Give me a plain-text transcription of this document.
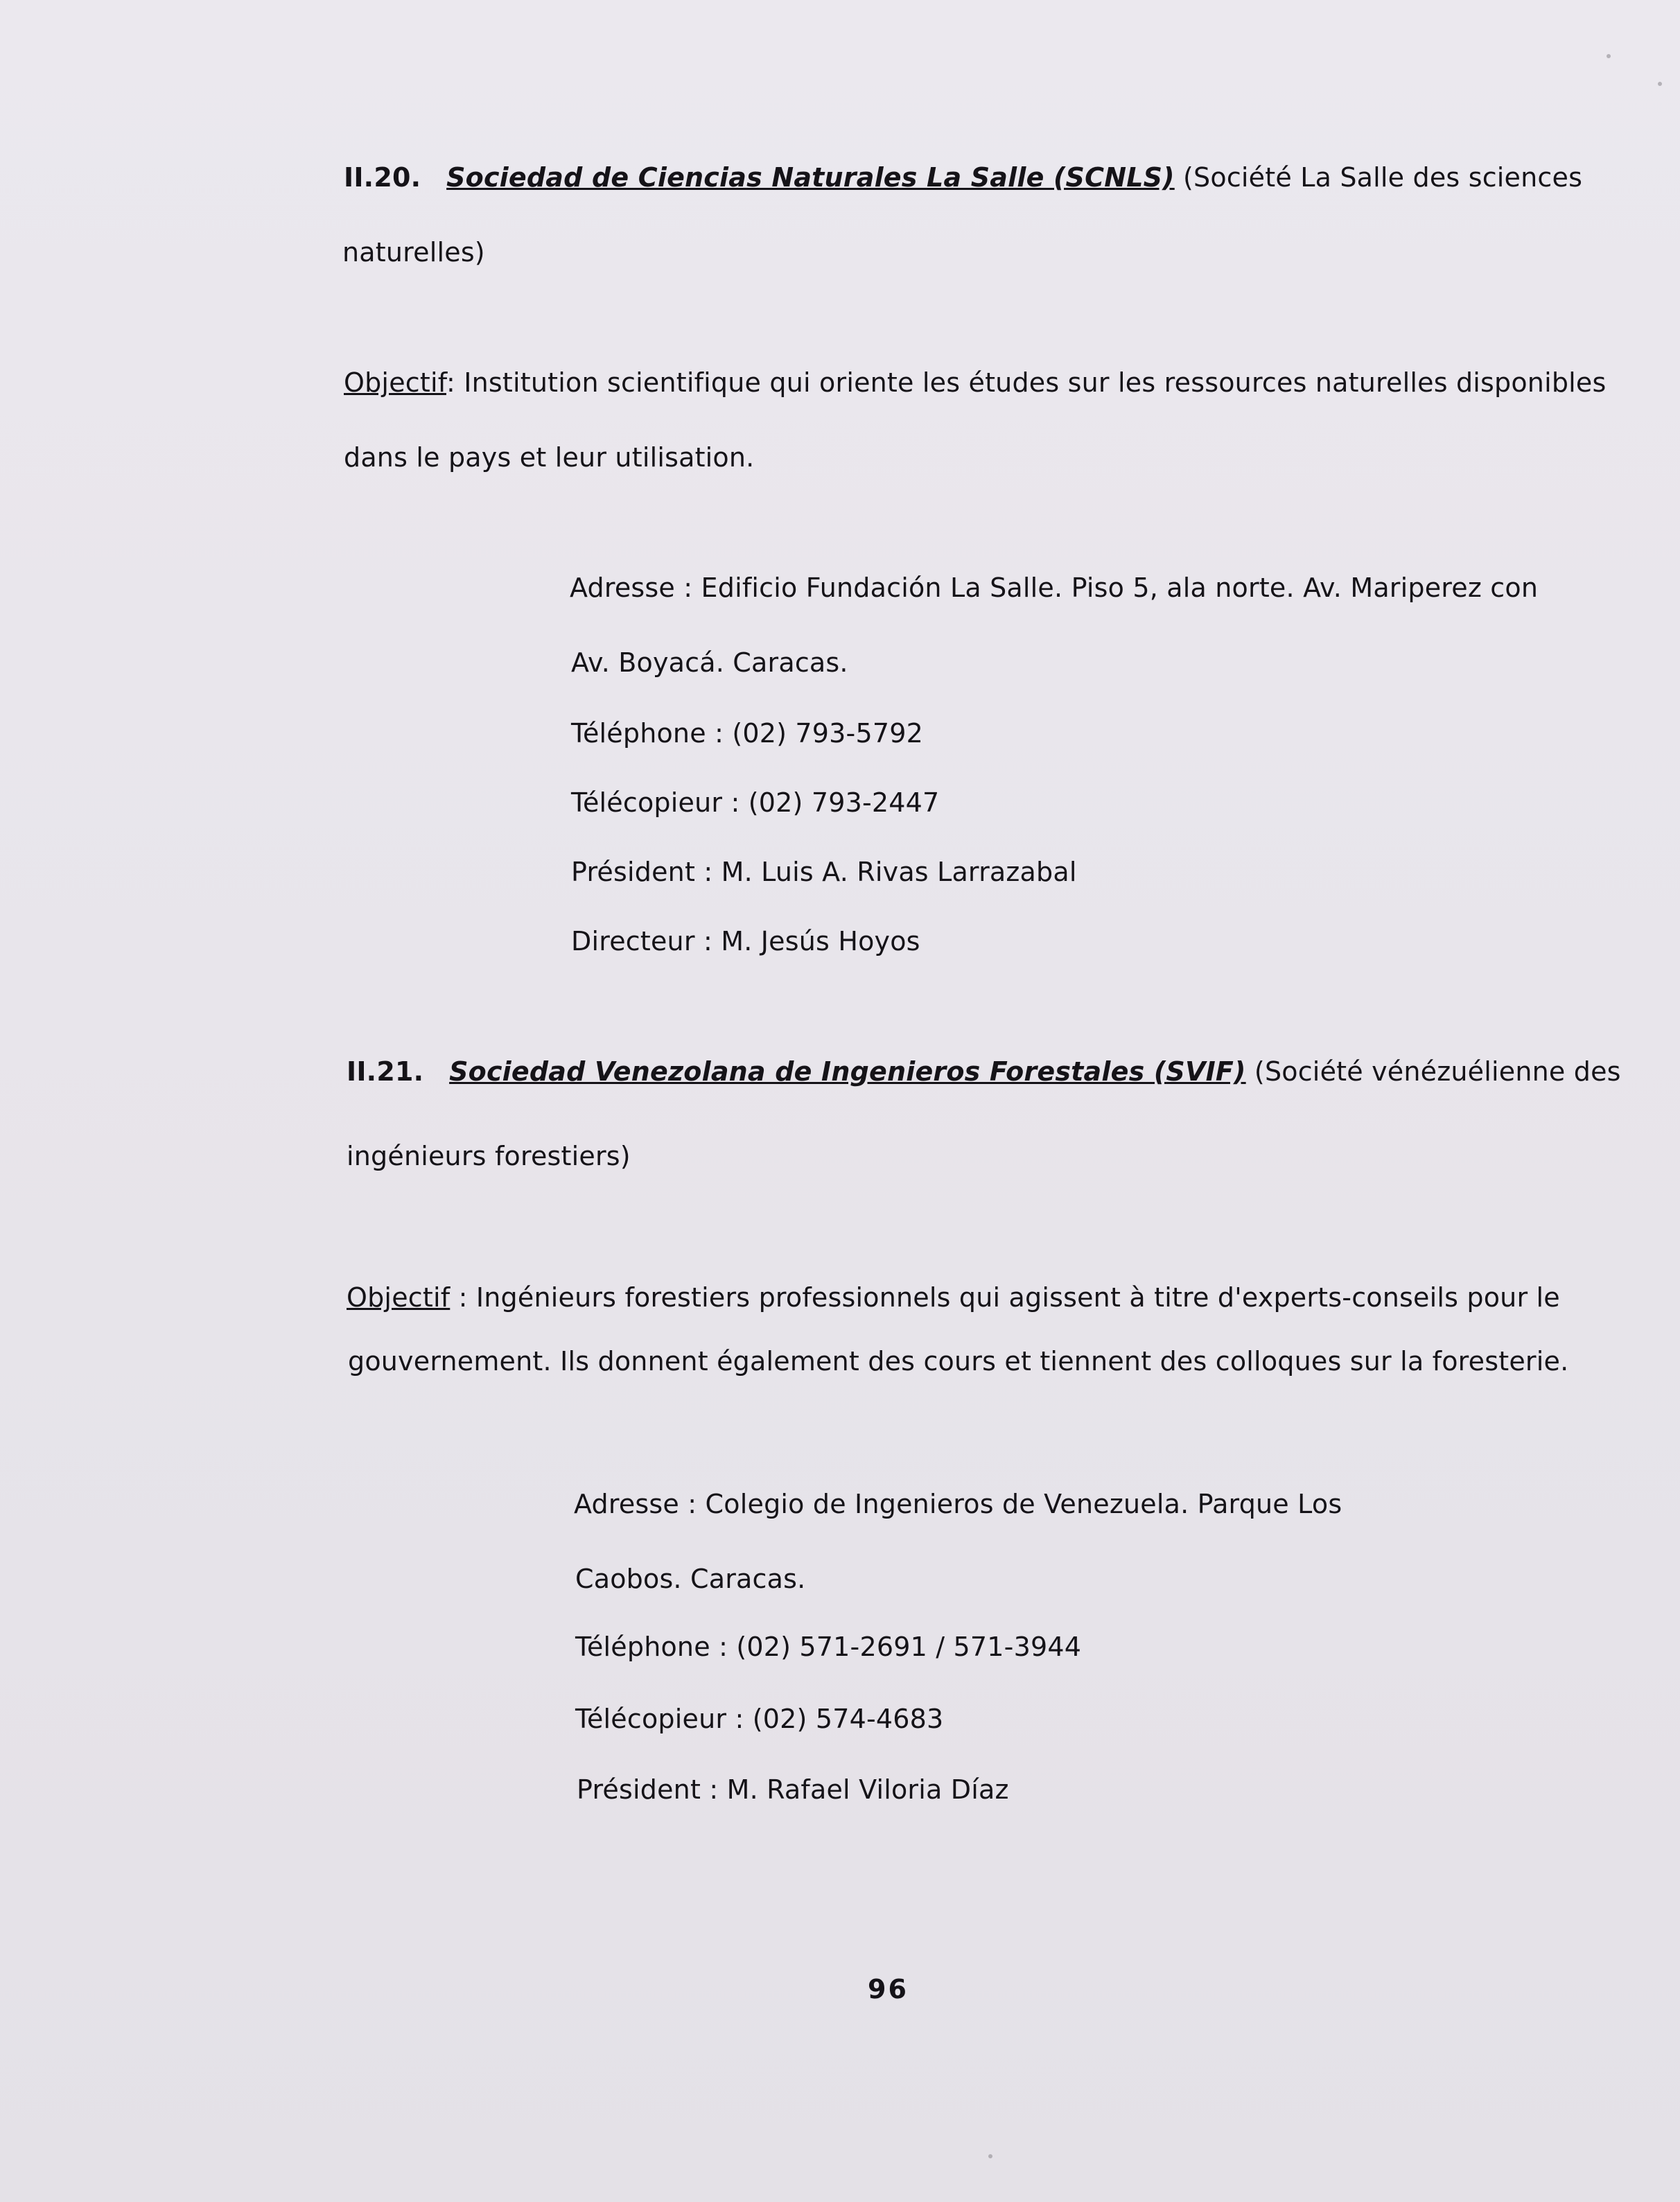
II.20. Sociedad de Ciencias Naturales La Salle (SCNLS) (Société La Salle des sciences
naturelles)
Objectif: Institution scientifique qui oriente les études sur les ressources naturelles disponibles
dans le pays et leur utilisation.
Adresse : Edificio Fundación La Salle. Piso 5, ala norte. Av. Mariperez con
Av. Boyacá. Caracas.
Téléphone : (02) 793-5792
Télécopieur : (02) 793-2447
Président : M. Luis A. Rivas Larrazabal
Directeur : M. Jesús Hoyos
II.21. Sociedad Venezolana de Ingenieros Forestales (SVIF) (Société vénézuélienne des
ingénieurs forestiers)
Objectif : Ingénieurs forestiers professionnels qui agissent à titre d'experts-conseils pour le
gouvernement. Ils donnent également des cours et tiennent des colloques sur la foresterie.
Adresse : Colegio de Ingenieros de Venezuela. Parque Los
Caobos. Caracas.
Téléphone : (02) 571-2691 / 571-3944
Télécopieur : (02) 574-4683
Président : M. Rafael Viloria Díaz
96
